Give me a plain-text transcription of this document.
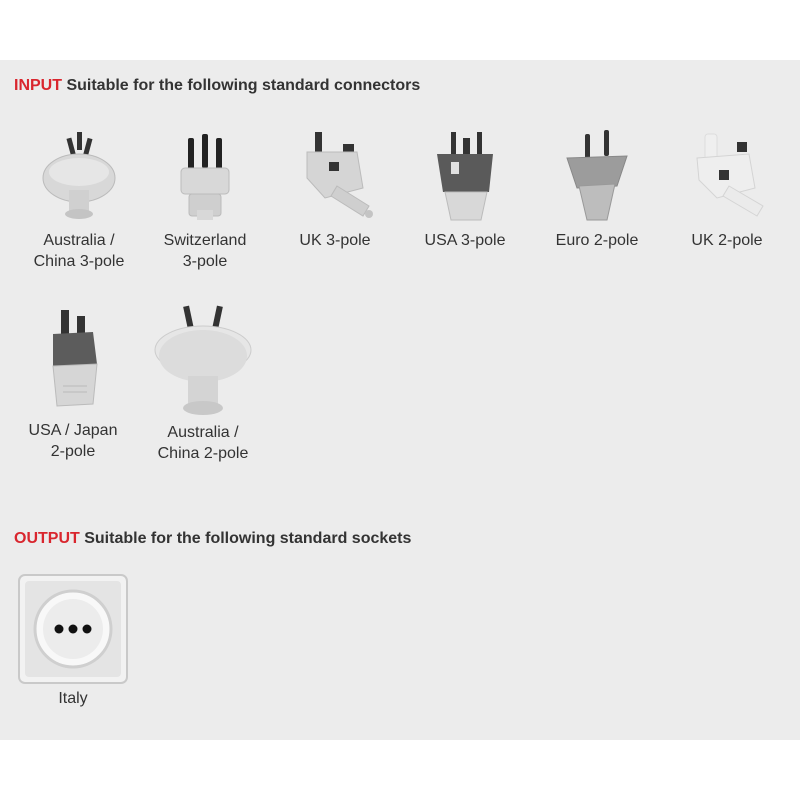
INPUT Suitable for the following standard connectors
Australia /
China 3-pole
Switzerland
3-pole
UK 3-pole	USA 3-pole	Euro 2-pole	UK 2-pole
USA / Japan
2-pole
Australia /
China 2-pole
OUTPUT Suitable for the following standard sockets
Italy
